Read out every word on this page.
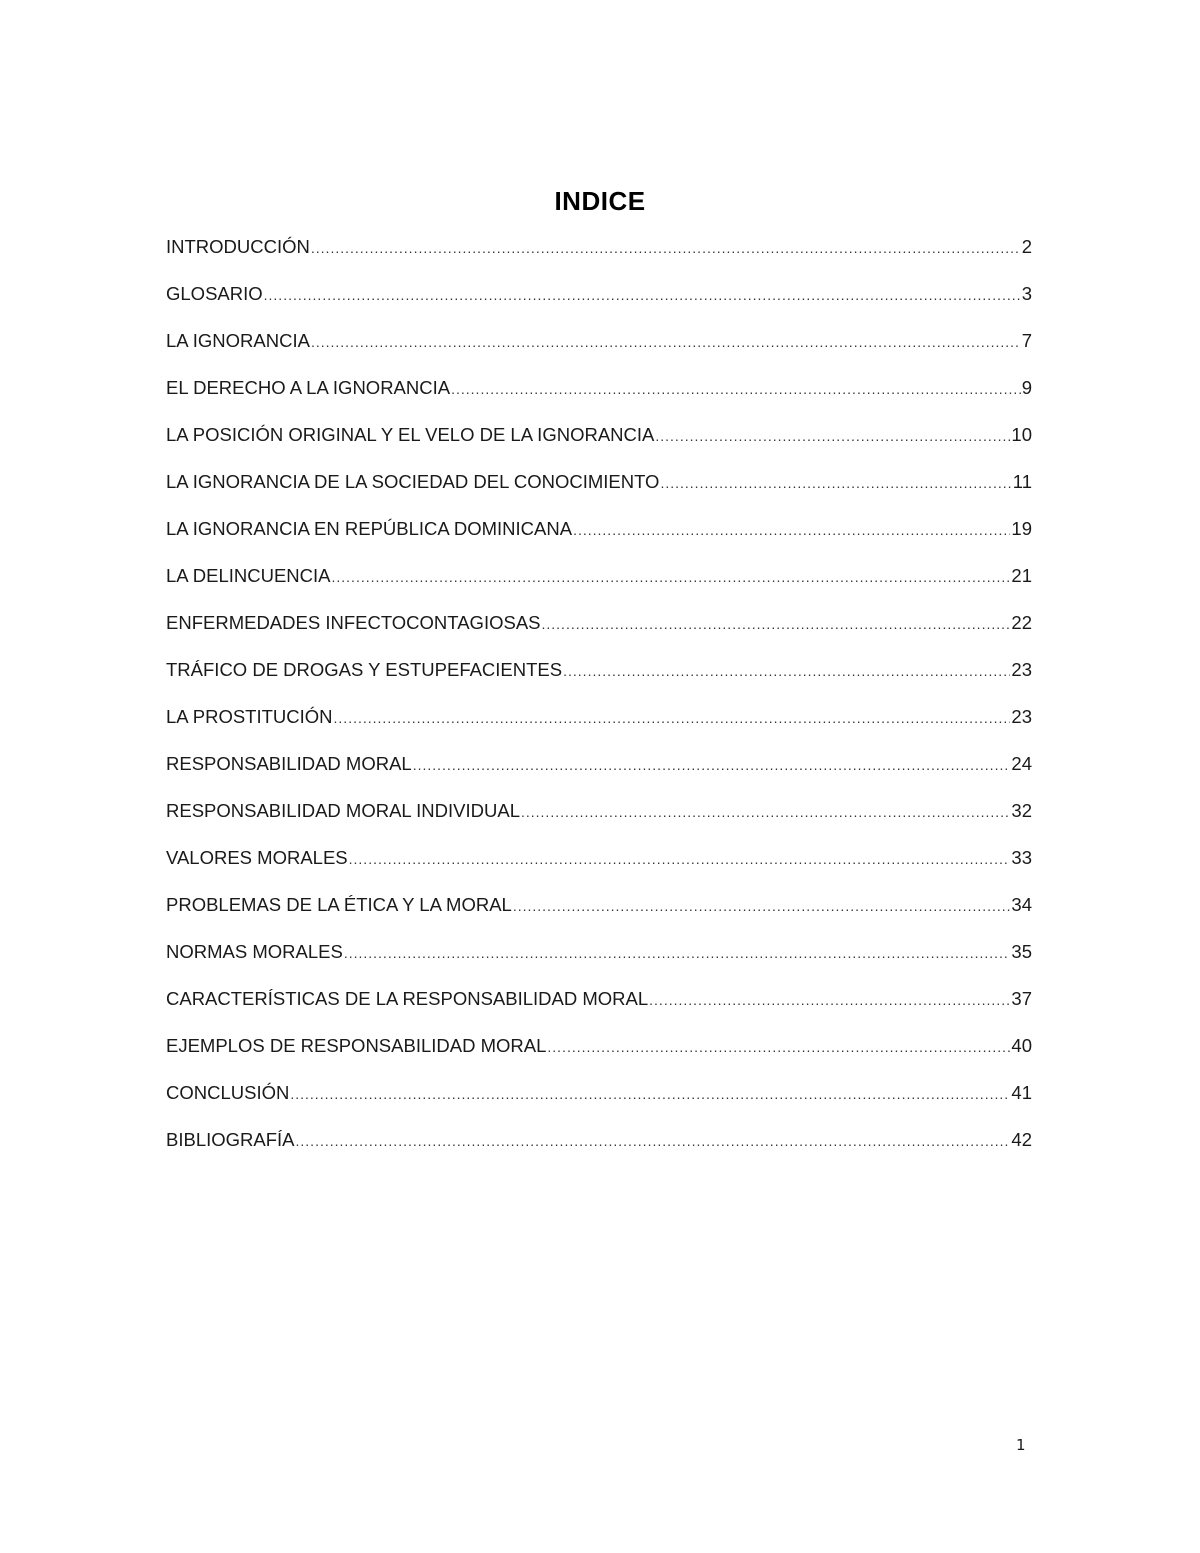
INDICE
INTRODUCCIÓN .....	2
GLOSARIO .....	3
LA IGNORANCIA .....	7
EL DERECHO A LA IGNORANCIA .....	9
LA POSICIÓN ORIGINAL Y EL VELO DE LA IGNORANCIA .....	10
LA IGNORANCIA DE LA SOCIEDAD DEL CONOCIMIENTO .....	11
LA IGNORANCIA EN REPÚBLICA DOMINICANA .....	19
LA DELINCUENCIA .....	21
ENFERMEDADES INFECTOCONTAGIOSAS .....	22
TRÁFICO DE DROGAS Y ESTUPEFACIENTES .....	23
LA PROSTITUCIÓN .....	23
RESPONSABILIDAD MORAL .....	24
RESPONSABILIDAD MORAL INDIVIDUAL .....	32
VALORES MORALES .....	33
PROBLEMAS DE LA ÉTICA Y LA MORAL .....	34
NORMAS MORALES .....	35
CARACTERÍSTICAS DE LA RESPONSABILIDAD MORAL .....	37
EJEMPLOS DE RESPONSABILIDAD MORAL .....	40
CONCLUSIÓN .....	41
BIBLIOGRAFÍA .....	42
1
